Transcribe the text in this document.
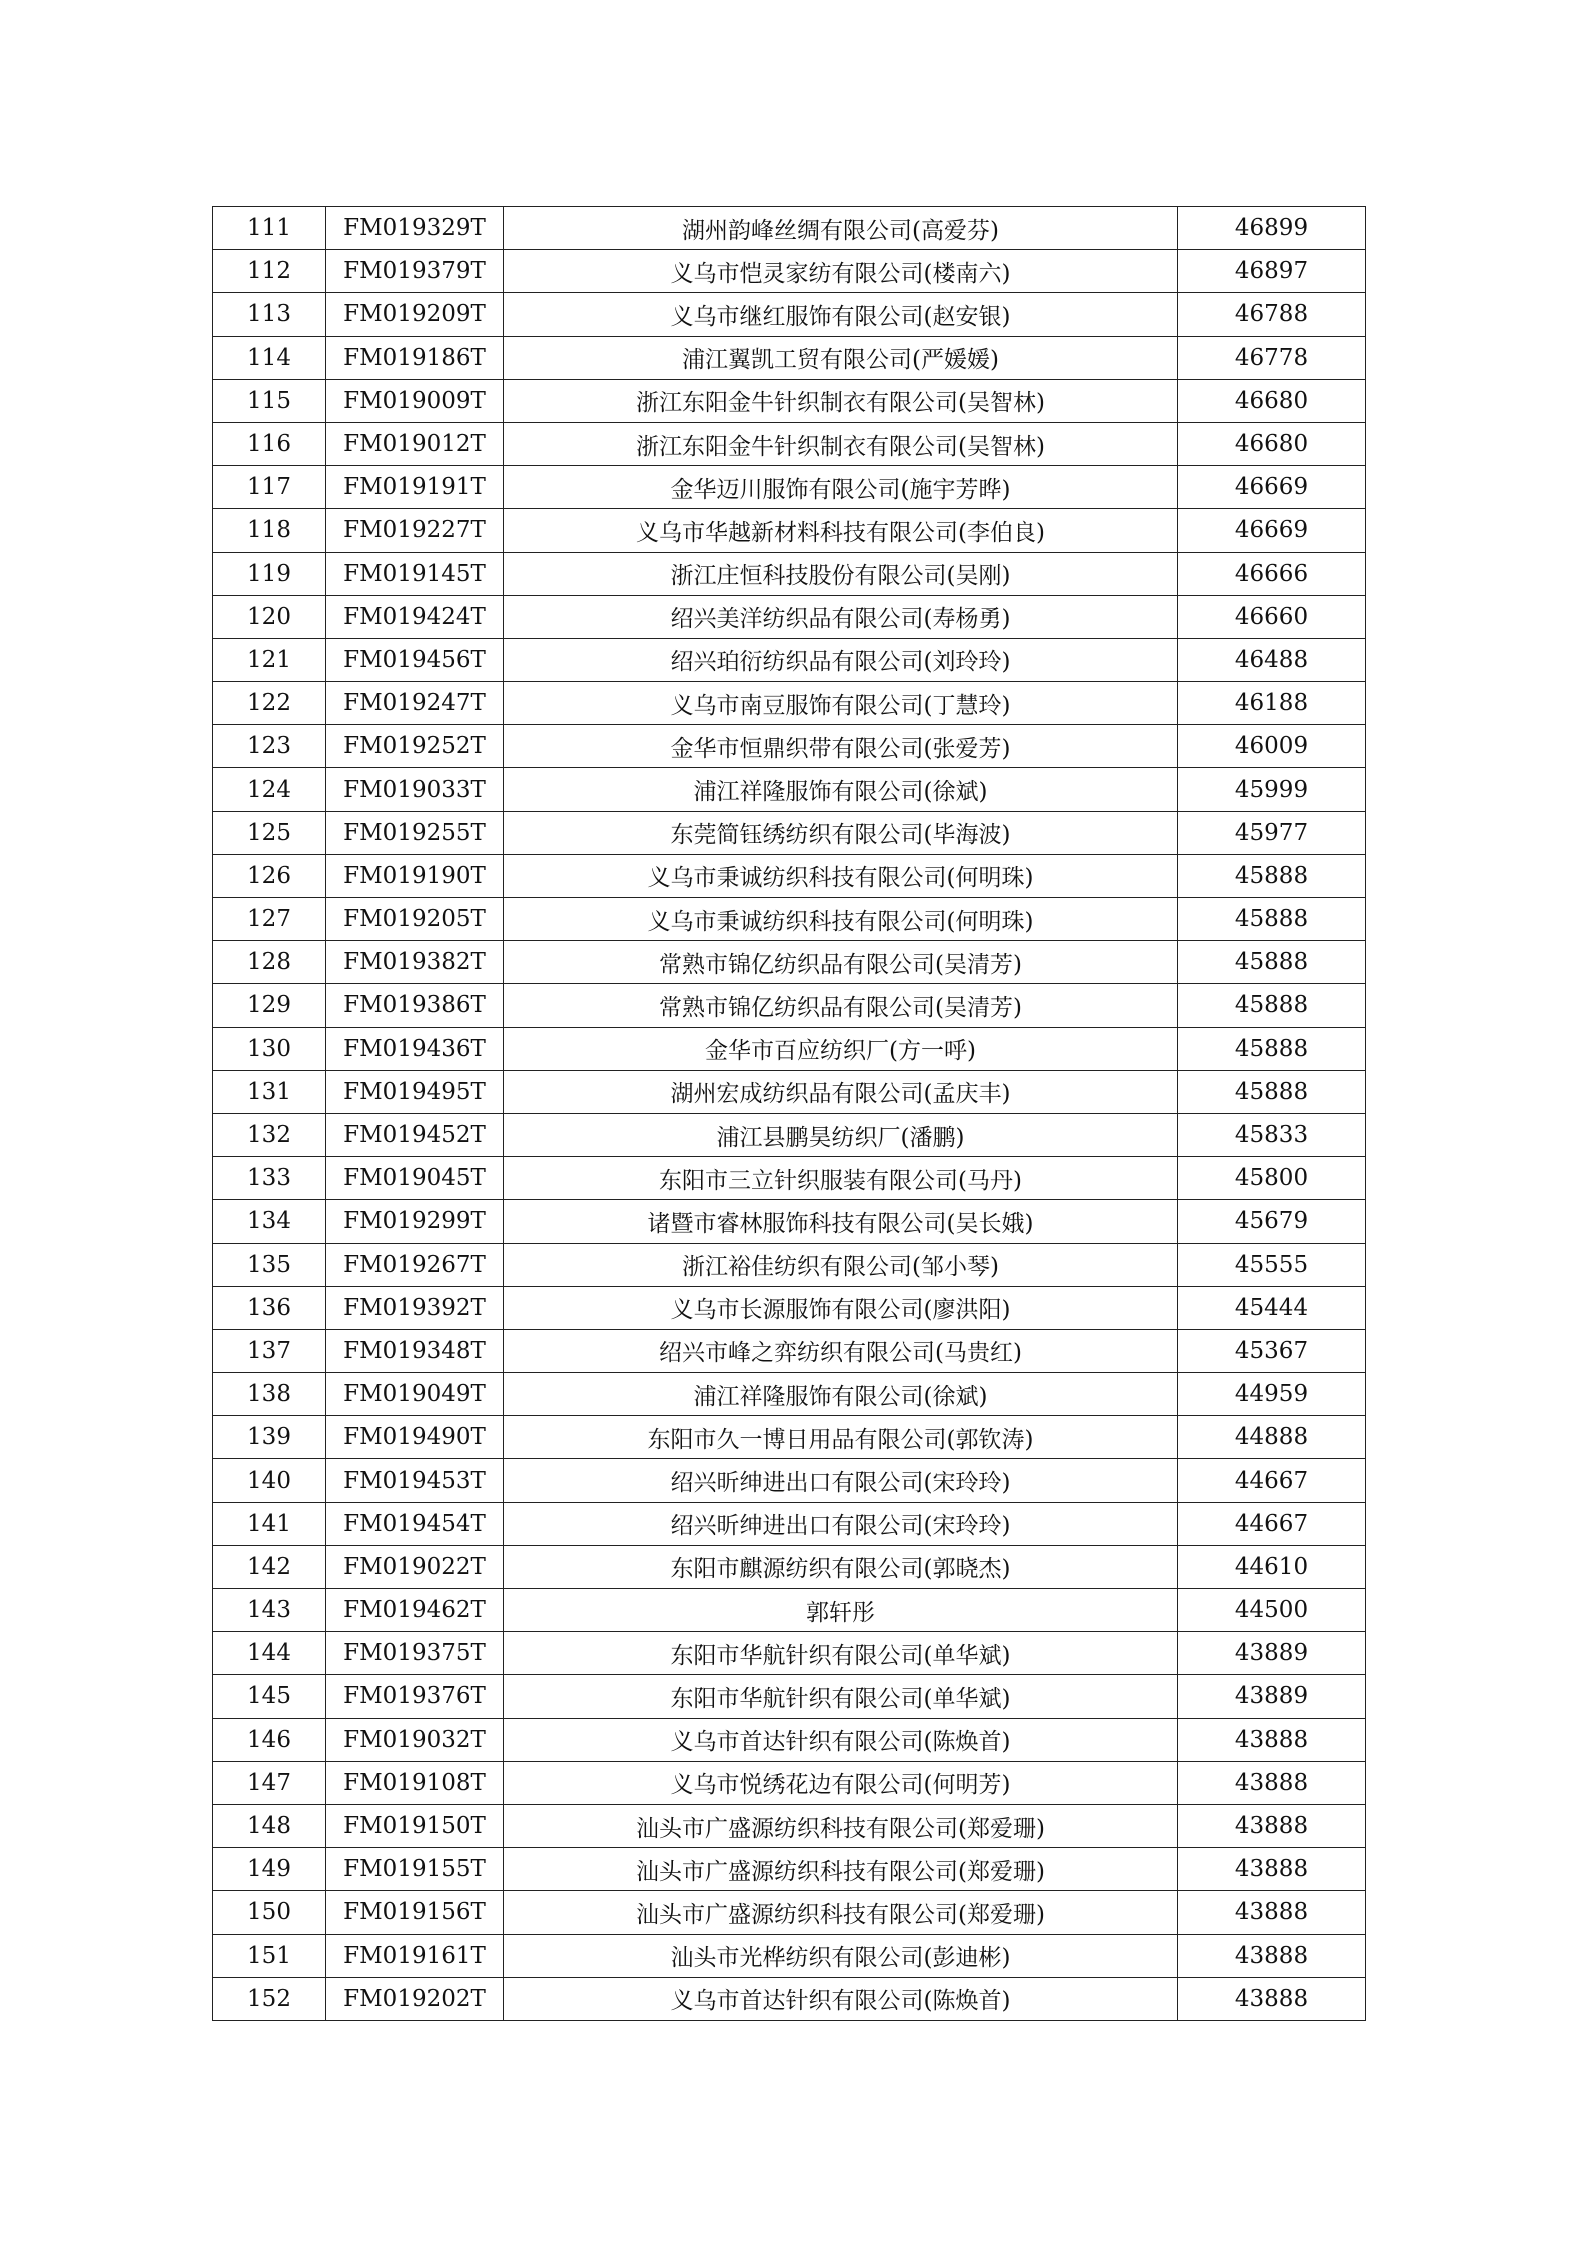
111	FM019329T	湖州韵峰丝绸有限公司(高爱芬)	46899
112	FM019379T	义乌市恺灵家纺有限公司(楼南六)	46897
113	FM019209T	义乌市继红服饰有限公司(赵安银)	46788
114	FM019186T	浦江翼凯工贸有限公司(严媛媛)	46778
115	FM019009T	浙江东阳金牛针织制衣有限公司(吴智林)	46680
116	FM019012T	浙江东阳金牛针织制衣有限公司(吴智林)	46680
117	FM019191T	金华迈川服饰有限公司(施宇芳晔)	46669
118	FM019227T	义乌市华越新材料科技有限公司(李伯良)	46669
119	FM019145T	浙江庄恒科技股份有限公司(吴刚)	46666
120	FM019424T	绍兴美洋纺织品有限公司(寿杨勇)	46660
121	FM019456T	绍兴珀衍纺织品有限公司(刘玲玲)	46488
122	FM019247T	义乌市南豆服饰有限公司(丁慧玲)	46188
123	FM019252T	金华市恒鼎织带有限公司(张爱芳)	46009
124	FM019033T	浦江祥隆服饰有限公司(徐斌)	45999
125	FM019255T	东莞简钰绣纺织有限公司(毕海波)	45977
126	FM019190T	义乌市秉诚纺织科技有限公司(何明珠)	45888
127	FM019205T	义乌市秉诚纺织科技有限公司(何明珠)	45888
128	FM019382T	常熟市锦亿纺织品有限公司(吴清芳)	45888
129	FM019386T	常熟市锦亿纺织品有限公司(吴清芳)	45888
130	FM019436T	金华市百应纺织厂(方一呼)	45888
131	FM019495T	湖州宏成纺织品有限公司(孟庆丰)	45888
132	FM019452T	浦江县鹏昊纺织厂(潘鹏)	45833
133	FM019045T	东阳市三立针织服装有限公司(马丹)	45800
134	FM019299T	诸暨市睿林服饰科技有限公司(吴长娥)	45679
135	FM019267T	浙江裕佳纺织有限公司(邹小琴)	45555
136	FM019392T	义乌市长源服饰有限公司(廖洪阳)	45444
137	FM019348T	绍兴市峰之弈纺织有限公司(马贵红)	45367
138	FM019049T	浦江祥隆服饰有限公司(徐斌)	44959
139	FM019490T	东阳市久一博日用品有限公司(郭钦涛)	44888
140	FM019453T	绍兴昕绅进出口有限公司(宋玲玲)	44667
141	FM019454T	绍兴昕绅进出口有限公司(宋玲玲)	44667
142	FM019022T	东阳市麒源纺织有限公司(郭晓杰)	44610
143	FM019462T	郭轩彤	44500
144	FM019375T	东阳市华航针织有限公司(单华斌)	43889
145	FM019376T	东阳市华航针织有限公司(单华斌)	43889
146	FM019032T	义乌市首达针织有限公司(陈焕首)	43888
147	FM019108T	义乌市悦绣花边有限公司(何明芳)	43888
148	FM019150T	汕头市广盛源纺织科技有限公司(郑爱珊)	43888
149	FM019155T	汕头市广盛源纺织科技有限公司(郑爱珊)	43888
150	FM019156T	汕头市广盛源纺织科技有限公司(郑爱珊)	43888
151	FM019161T	汕头市光桦纺织有限公司(彭迪彬)	43888
152	FM019202T	义乌市首达针织有限公司(陈焕首)	43888
